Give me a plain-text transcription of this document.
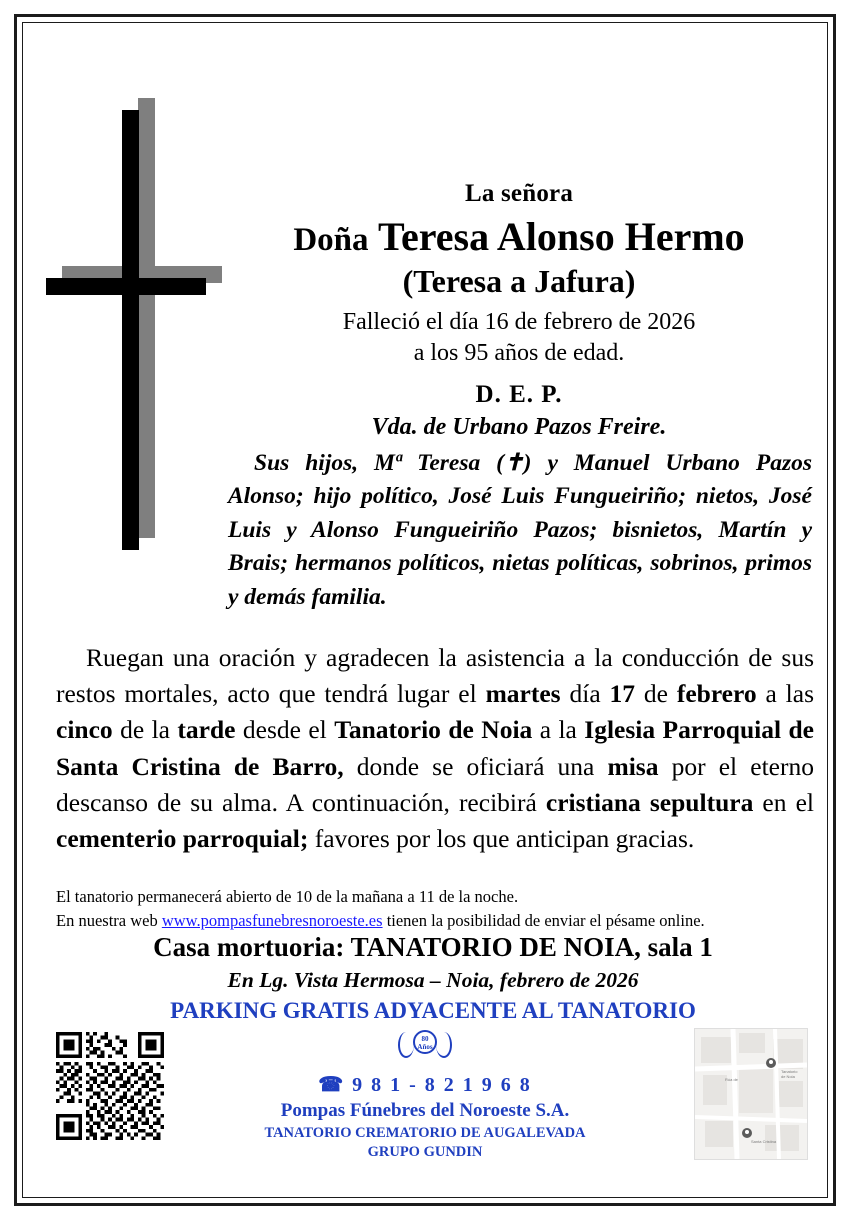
La señora
Doña Teresa Alonso Hermo
(Teresa a Jafura)
Falleció el día 16 de febrero de 2026
a los 95 años de edad.
D. E. P.
Vda. de Urbano Pazos Freire.
Sus hijos, Mª Teresa (✝) y Manuel Urbano Pazos Alonso; hijo político, José Luis Fungueiriño; nietos, José Luis y Alonso Fungueiriño Pazos; bisnietos, Martín y Brais; hermanos políticos, nietas políticas, sobrinos, primos y demás familia.
Ruegan una oración y agradecen la asistencia a la conducción de sus restos mortales, acto que tendrá lugar el martes día 17 de febrero a las cinco de la tarde desde el Tanatorio de Noia a la Iglesia Parroquial de Santa Cristina de Barro, donde se oficiará una misa por el eterno descanso de su alma. A continuación, recibirá cristiana sepultura en el cementerio parroquial; favores por los que anticipan gracias.
El tanatorio permanecerá abierto de 10 de la mañana a 11 de la noche.
En nuestra web www.pompasfunebresnoroeste.es tienen la posibilidad de enviar el pésame online.
Casa mortuoria: TANATORIO DE NOIA, sala 1
En Lg. Vista Hermosa – Noia, febrero de 2026
PARKING GRATIS ADYACENTE AL TANATORIO
80
Años
☎ 9 8 1 - 8 2 1 9 6 8
Pompas Fúnebres del Noroeste S.A.
TANATORIO CREMATORIO DE AUGALEVADA
GRUPO GUNDIN
Rúa de
Tanatorio
de Noia
Santa Cristina
